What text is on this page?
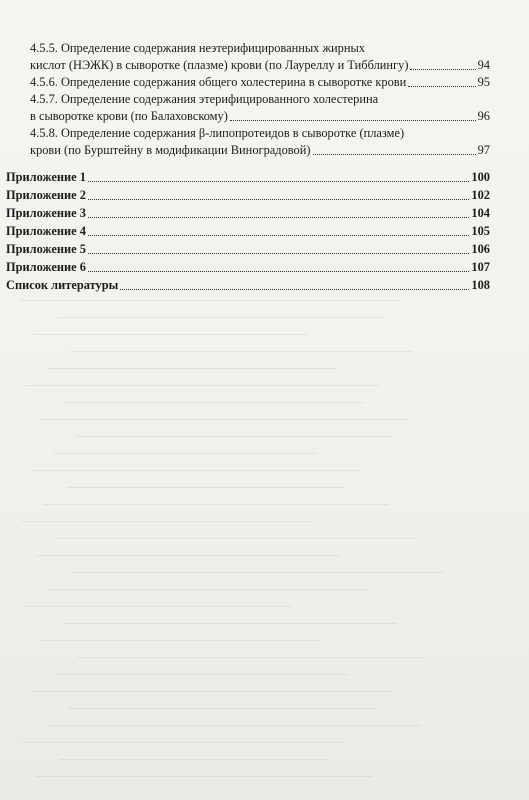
4.5.5. Определение содержания неэтерифицированных жирных
кислот (НЭЖК) в сыворотке (плазме) крови (по Лауреллу и Тибблингу)	94
4.5.6. Определение содержания общего холестерина в сыворотке крови	95
4.5.7. Определение содержания этерифицированного холестерина
в сыворотке крови (по Балаховскому)	96
4.5.8. Определение содержания β-липопротеидов в сыворотке (плазме)
крови (по Бурштейну в модификации Виноградовой)	97
Приложение 1	100
Приложение 2	102
Приложение 3	104
Приложение 4	105
Приложение 5	106
Приложение 6	107
Список литературы	108
